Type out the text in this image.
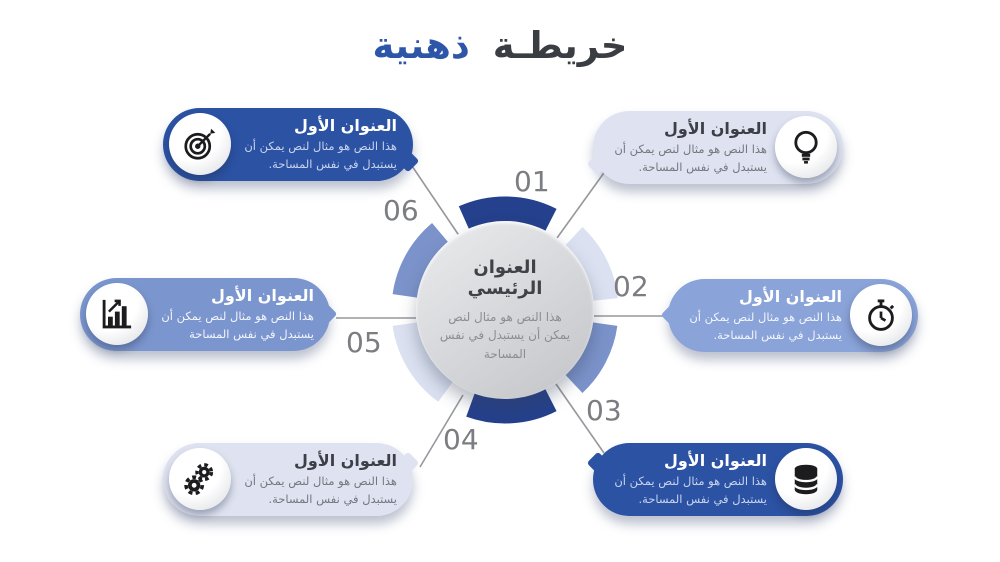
خريطـة ذهنية
العنوان الرئيسي

هذا النص هو مثال لنص يمكن أن يستبدل في نفس المساحة

01
02
03
04
05
06
العنوان الأول

هذا النص هو مثال لنص يمكن أن يستبدل في نفس المساحة.

العنوان الأول

هذا النص هو مثال لنص يمكن أن يستبدل في نفس المساحة.

العنوان الأول

هذا النص هو مثال لنص يمكن أن يستبدل في نفس المساحة.

العنوان الأول

هذا النص هو مثال لنص يمكن أن يستبدل في نفس المساحة.

العنوان الأول

هذا النص هو مثال لنص يمكن أن يستبدل في نفس المساحة

العنوان الأول

هذا النص هو مثال لنص يمكن أن يستبدل في نفس المساحة.
